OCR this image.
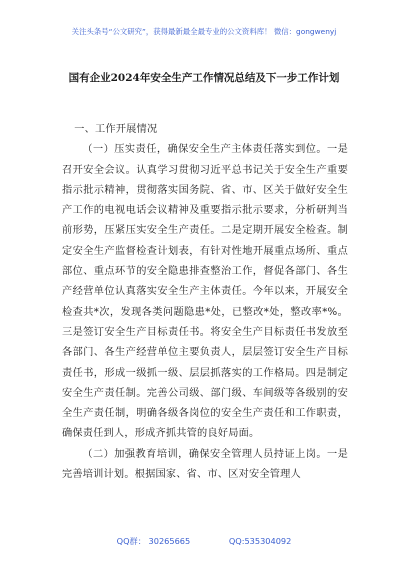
关注头条号“公文研究”，获得最新最全最专业的公文资料库！ 微信：gongwenyj
国有企业2024年安全生产工作情况总结及下一步工作计划

一、工作开展情况

（一）压实责任，确保安全生产主体责任落实到位。一是召开安全会议。认真学习贯彻习近平总书记关于安全生产重要指示批示精神，贯彻落实国务院、省、市、区关于做好安全生产工作的电视电话会议精神及重要指示批示要求，分析研判当前形势，压紧压实安全生产责任。二是定期开展安全检查。制定安全生产监督检查计划表，有针对性地开展重点场所、重点部位、重点环节的安全隐患排查整治工作，督促各部门、各生产经营单位认真落实安全生产主体责任。今年以来，开展安全检查共*次，发现各类问题隐患*处，已整改*处，整改率*%。三是签订安全生产目标责任书。将安全生产目标责任书发放至各部门、各生产经营单位主要负责人，层层签订安全生产目标责任书，形成一级抓一级、层层抓落实的工作格局。四是制定安全生产责任制。完善公司级、部门级、车间级等各级别的安全生产责任制，明确各级各岗位的安全生产责任和工作职责，确保责任到人，形成齐抓共管的良好局面。

（二）加强教育培训，确保安全管理人员持证上岗。一是完善培训计划。根据国家、省、市、区对安全管理人

QQ群： 30265665	QQ:535304092
